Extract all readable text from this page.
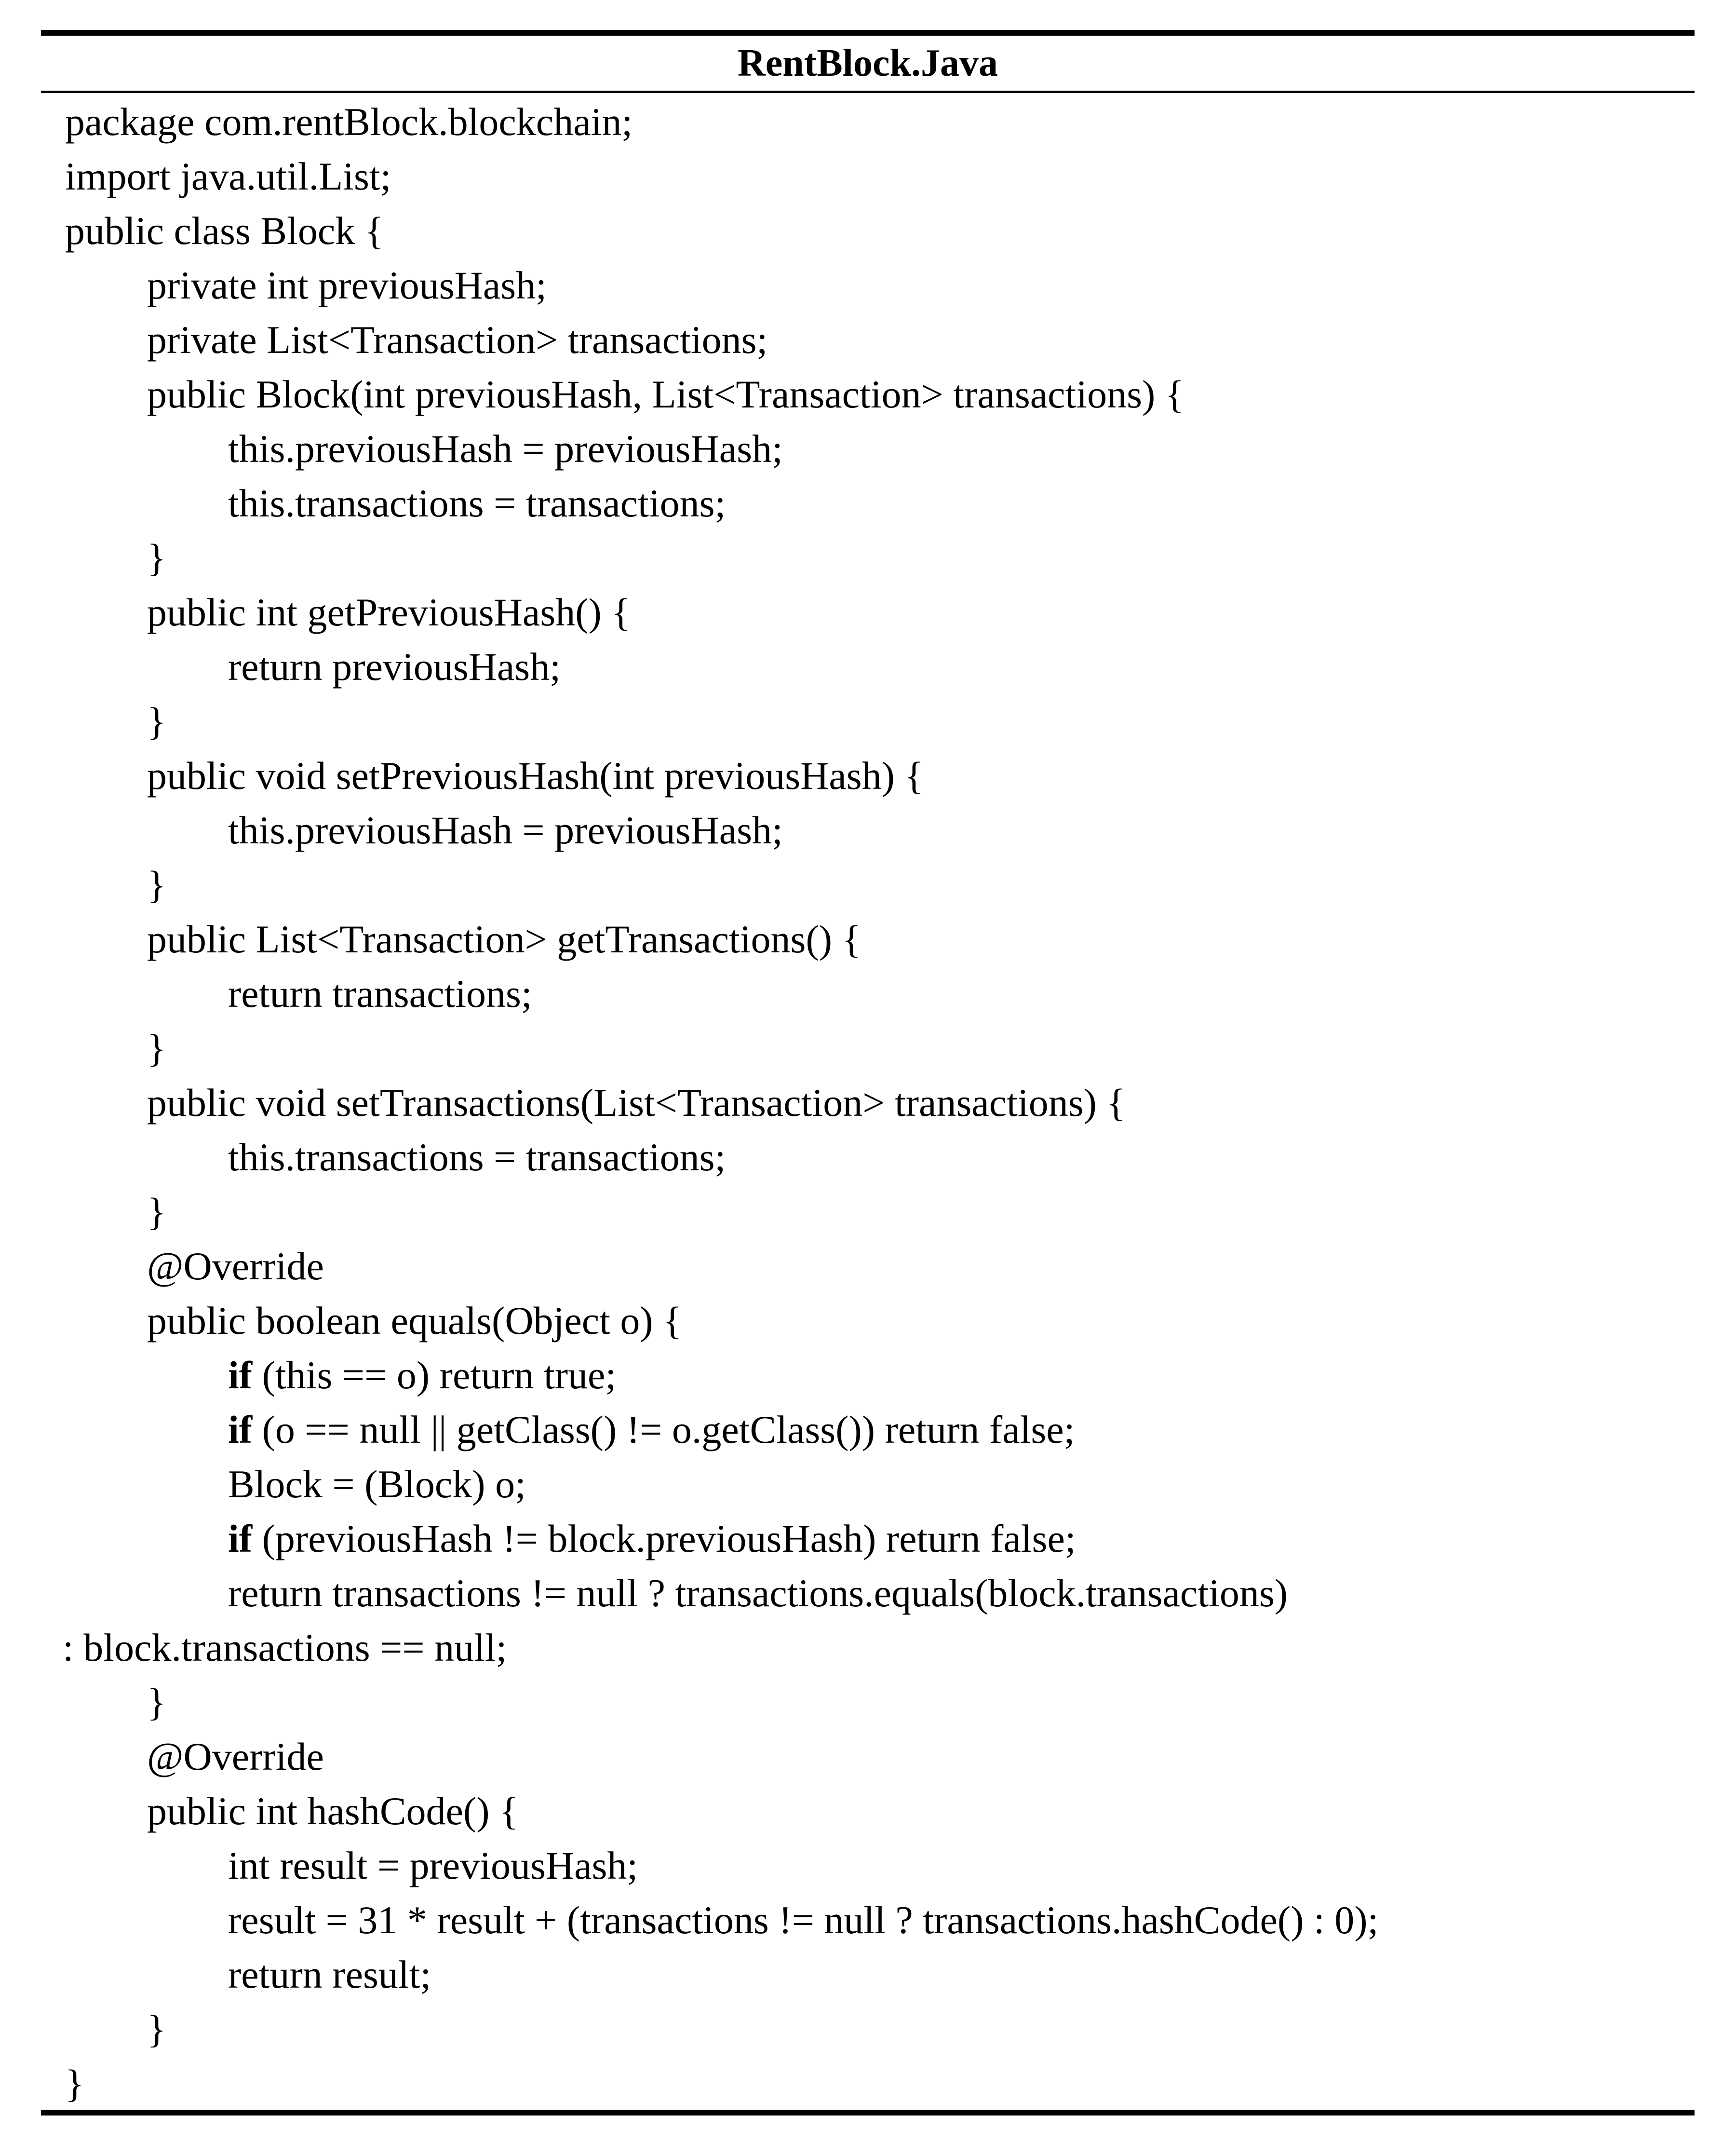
RentBlock.Java
package com.rentBlock.blockchain;
import java.util.List;
public class Block {
private int previousHash;
private List<Transaction> transactions;
public Block(int previousHash, List<Transaction> transactions) {
this.previousHash = previousHash;
this.transactions = transactions;
}
public int getPreviousHash() {
return previousHash;
}
public void setPreviousHash(int previousHash) {
this.previousHash = previousHash;
}
public List<Transaction> getTransactions() {
return transactions;
}
public void setTransactions(List<Transaction> transactions) {
this.transactions = transactions;
}
@Override
public boolean equals(Object o) {
if (this == o) return true;
if (o == null || getClass() != o.getClass()) return false;
Block = (Block) o;
if (previousHash != block.previousHash) return false;
return transactions != null ? transactions.equals(block.transactions)
: block.transactions == null;
}
@Override
public int hashCode() {
int result = previousHash;
result = 31 * result + (transactions != null ? transactions.hashCode() : 0);
return result;
}
}
